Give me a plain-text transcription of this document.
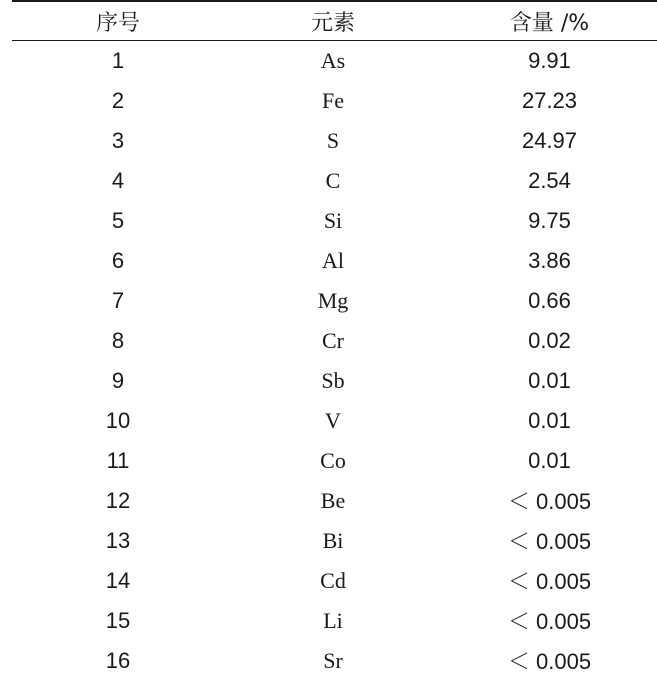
序号	元素	含量 /%
1	As	9.91
2	Fe	27.23
3	S	24.97
4	C	2.54
5	Si	9.75
6	Al	3.86
7	Mg	0.66
8	Cr	0.02
9	Sb	0.01
10	V	0.01
11	Co	0.01
12	Be	＜ 0.005
13	Bi	＜ 0.005
14	Cd	＜ 0.005
15	Li	＜ 0.005
16	Sr	＜ 0.005
